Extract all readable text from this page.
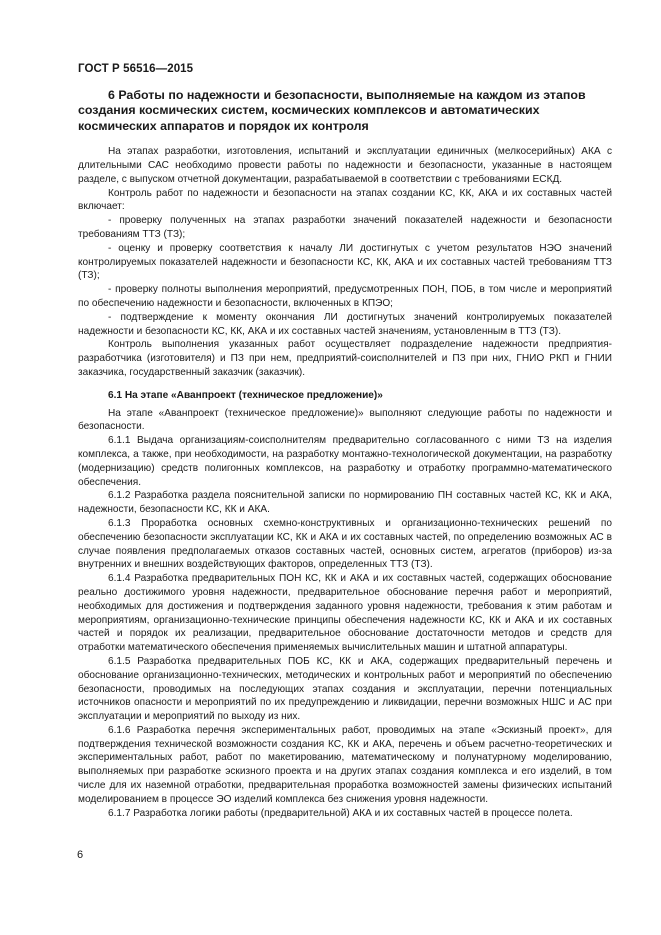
ГОСТ Р 56516—2015

6 Работы по надежности и безопасности, выполняемые на каждом из этапов создания космических систем, космических комплексов и автоматических космических аппаратов и порядок их контроля

На этапах разработки, изготовления, испытаний и эксплуатации единичных (мелкосерийных) АКА с длительными САС необходимо провести работы по надежности и безопасности, указанные в настоящем разделе, с выпуском отчетной документации, разрабатываемой в соответствии с требованиями ЕСКД.

Контроль работ по надежности и безопасности на этапах создании КС, КК, АКА и их составных частей включает:

- проверку полученных на этапах разработки значений показателей надежности и безопасности требованиям ТТЗ (ТЗ);

- оценку и проверку соответствия к началу ЛИ достигнутых с учетом результатов НЭО значений контролируемых показателей надежности и безопасности КС, КК, АКА и их составных частей требованиям ТТЗ (ТЗ);

- проверку полноты выполнения мероприятий, предусмотренных ПОН, ПОБ, в том числе и мероприятий по обеспечению надежности и безопасности, включенных в КПЭО;

- подтверждение к моменту окончания ЛИ достигнутых значений контролируемых показателей надежности и безопасности КС, КК, АКА и их составных частей значениям, установленным в ТТЗ (ТЗ).

Контроль выполнения указанных работ осуществляет подразделение надежности предприятия-разработчика (изготовителя) и ПЗ при нем, предприятий-соисполнителей и ПЗ при них, ГНИО РКП и ГНИИ заказчика, государственный заказчик (заказчик).

6.1 На этапе «Аванпроект (техническое предложение)»

На этапе «Аванпроект (техническое предложение)» выполняют следующие работы по надежности и безопасности.

6.1.1 Выдача организациям-соисполнителям предварительно согласованного с ними ТЗ на изделия комплекса, а также, при необходимости, на разработку монтажно-технологической документации, на разработку (модернизацию) средств полигонных комплексов, на разработку и отработку программно-математического обеспечения.

6.1.2 Разработка раздела пояснительной записки по нормированию ПН составных частей КС, КК и АКА, надежности, безопасности КС, КК и АКА.

6.1.3 Проработка основных схемно-конструктивных и организационно-технических решений по обеспечению безопасности эксплуатации КС, КК и АКА и их составных частей, по определению возможных АС в случае появления предполагаемых отказов составных частей, основных систем, агрегатов (приборов) из-за внутренних и внешних воздействующих факторов, определенных ТТЗ (ТЗ).

6.1.4 Разработка предварительных ПОН КС, КК и АКА и их составных частей, содержащих обоснование реально достижимого уровня надежности, предварительное обоснование перечня работ и мероприятий, необходимых для достижения и подтверждения заданного уровня надежности, требования к этим работам и мероприятиям, организационно-технические принципы обеспечения надежности КС, КК и АКА и их составных частей и порядок их реализации, предварительное обоснование достаточности методов и средств для отработки математического обеспечения применяемых вычислительных машин и штатной аппаратуры.

6.1.5 Разработка предварительных ПОБ КС, КК и АКА, содержащих предварительный перечень и обоснование организационно-технических, методических и контрольных работ и мероприятий по обеспечению безопасности, проводимых на последующих этапах создания и эксплуатации, перечни потенциальных источников опасности и мероприятий по их предупреждению и ликвидации, перечни возможных НШС и АС при эксплуатации и мероприятий по выходу из них.

6.1.6 Разработка перечня экспериментальных работ, проводимых на этапе «Эскизный проект», для подтверждения технической возможности создания КС, КК и АКА, перечень и объем расчетно-теоретических и экспериментальных работ, работ по макетированию, математическому и полунатурному моделированию, выполняемых при разработке эскизного проекта и на других этапах создания комплекса и его изделий, в том числе для их наземной отработки, предварительная проработка возможностей замены физических испытаний моделированием в процессе ЭО изделий комплекса без снижения уровня надежности.

6.1.7 Разработка логики работы (предварительной) АКА и их составных частей в процессе полета.

6
